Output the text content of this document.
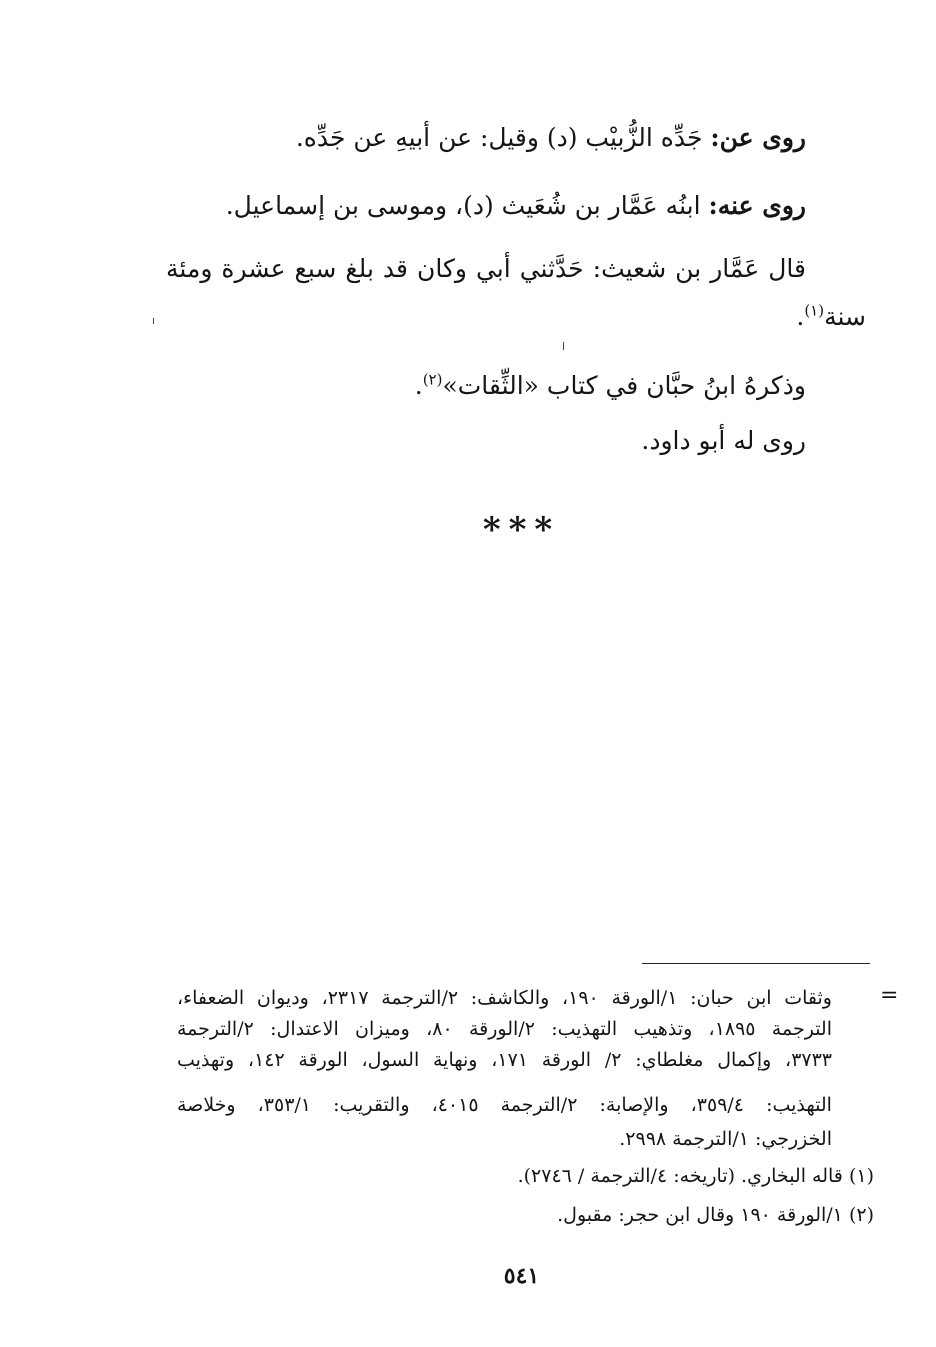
روى عن: جَدِّه الزُّبيْب (د) وقيل: عن أبيهِ عن جَدِّه.
روى عنه: ابنُه عَمَّار بن شُعَيث (د)، وموسى بن إسماعيل.
قال عَمَّار بن شعيث: حَدَّثني أبي وكان قد بلغ سبع عشرة ومئة
سنة$^{(١)}$.
وذكرهُ ابنُ حبَّان في كتاب «الثِّقات»$^{(٢)}$.
روى له أبو داود.
***
=
وثقات ابن حبان: ١/الورقة ١٩٠، والكاشف: ٢/الترجمة ٢٣١٧، وديوان الضعفاء،
الترجمة ١٨٩٥، وتذهيب التهذيب: ٢/الورقة ٨٠، وميزان الاعتدال: ٢/الترجمة
٣٧٣٣، وإكمال مغلطاي: ٢/ الورقة ١٧١، ونهاية السول، الورقة ١٤٢، وتهذيب
التهذيب: ٣٥٩/٤، والإصابة: ٢/الترجمة ٤٠١٥، والتقريب: ٣٥٣/١، وخلاصة
الخزرجي: ١/الترجمة ٢٩٩٨.
(١) قاله البخاري. (تاريخه: ٤/الترجمة / ٢٧٤٦).
(٢) ١/الورقة ١٩٠ وقال ابن حجر: مقبول.
٥٤١
